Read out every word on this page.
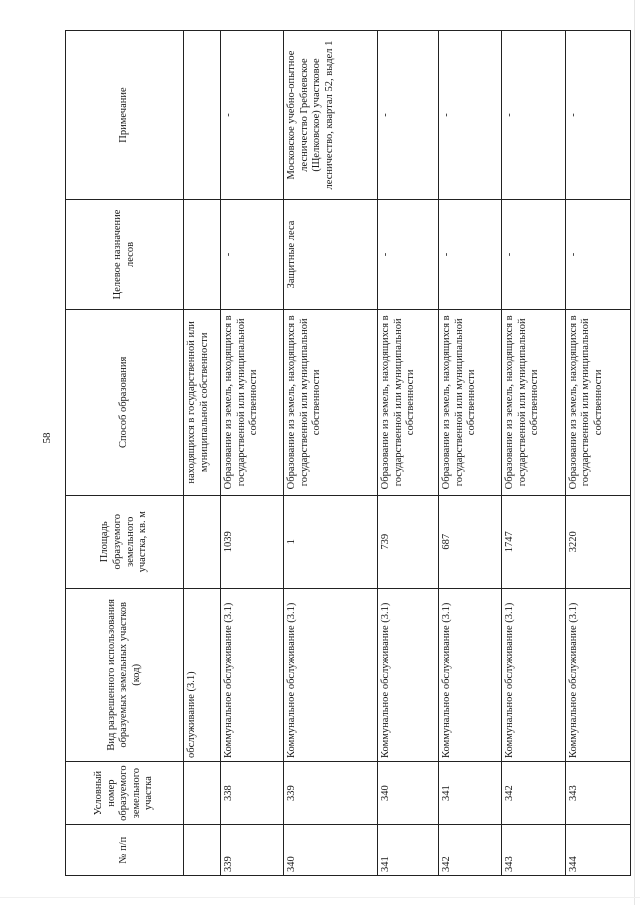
58
№ п/п	Условный номер образуемого земельного участка	Вид разрешенного использования образуемых земельных участков (код)	Площадь образуемого земельного участка, кв. м	Способ образования	Целевое назначение лесов	Примечание
		обслуживание (3.1)		находящихся в государственной или муниципальной собственности		
339	338	Коммунальное обслуживание (3.1)	1039	Образование из земель, находящихся в государственной или муниципальной собственности	-	-
340	339	Коммунальное обслуживание (3.1)	1	Образование из земель, находящихся в государственной или муниципальной собственности	Защитные леса	Московское учебно-опытное лесничество Гребневское (Щелковское) участковое лесничество, квартал 52, выдел 1
341	340	Коммунальное обслуживание (3.1)	739	Образование из земель, находящихся в государственной или муниципальной собственности	-	-
342	341	Коммунальное обслуживание (3.1)	687	Образование из земель, находящихся в государственной или муниципальной собственности	-	-
343	342	Коммунальное обслуживание (3.1)	1747	Образование из земель, находящихся в государственной или муниципальной собственности	-	-
344	343	Коммунальное обслуживание (3.1)	3220	Образование из земель, находящихся в государственной или муниципальной собственности	-	-
